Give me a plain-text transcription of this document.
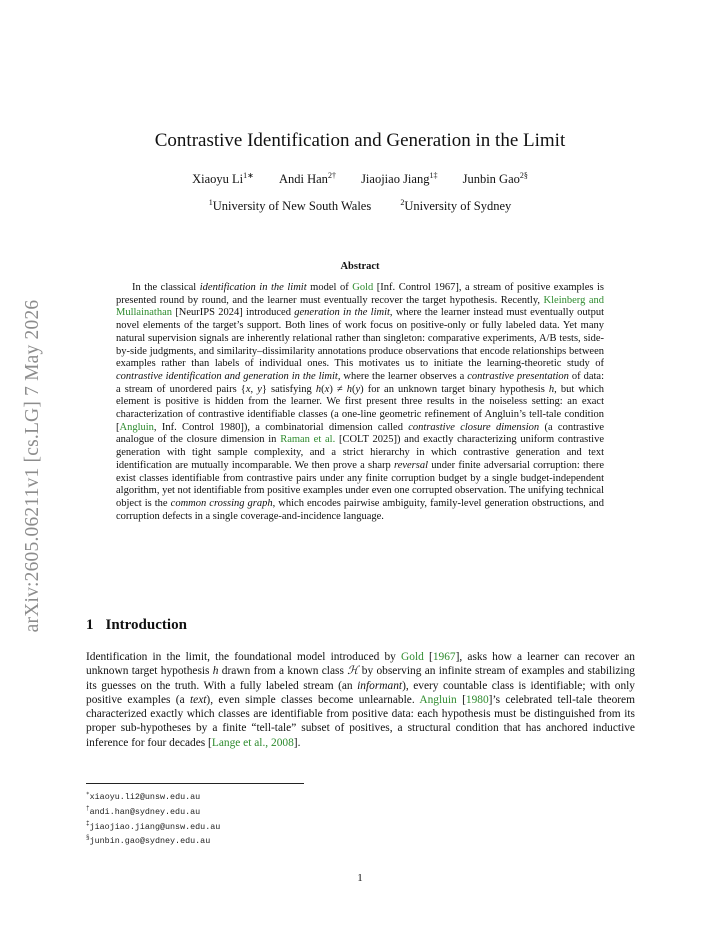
arXiv:2605.06211v1 [cs.LG] 7 May 2026
Contrastive Identification and Generation in the Limit
Xiaoyu $Li^{1∗}$ Andi Han$^{2\dagger}$ Jiaojiao Jiang$^{1\ddagger}$ Junbin Gao$^{2\S}$
$^1$University of New South Wales	$^2$University of Sydney
Abstract

In the classical identification in the limit model of Gold [Inf. Control 1967], a stream of positive examples is presented round by round, and the learner must eventually recover the target hypothesis. Recently, Kleinberg and Mullainathan [NeurIPS 2024] introduced generation in the limit, where the learner instead must eventually output novel elements of the target’s support. Both lines of work focus on positive-only or fully labeled data. Yet many natural supervision signals are inherently relational rather than singleton: comparative experiments, A/B tests, side-by-side judgments, and similarity–dissimilarity annotations produce observations that encode relationships between examples rather than labels of individual ones. This motivates us to initiate the learning-theoretic study of contrastive identification and generation in the limit, where the learner observes a contrastive presentation of data: a stream of unordered pairs {x, y} satisfying h(x) ≠ h(y) for an unknown target binary hypothesis h, but which element is positive is hidden from the learner. We first present three results in the noiseless setting: an exact characterization of contrastive identifiable classes (a one-line geometric refinement of Angluin’s tell-tale condition [Angluin, Inf. Control 1980]), a combinatorial dimension called contrastive closure dimension (a contrastive analogue of the closure dimension in Raman et al. [COLT 2025]) and exactly characterizing uniform contrastive generation with tight sample complexity, and a strict hierarchy in which contrastive generation and text identification are mutually incomparable. We then prove a sharp reversal under finite adversarial corruption: there exist classes identifiable from contrastive pairs under any finite corruption budget by a single budget-independent algorithm, yet not identifiable from positive examples under even one corrupted observation. The unifying technical object is the common crossing graph, which encodes pairwise ambiguity, family-level generation obstructions, and corruption defects in a single coverage-and-incidence language.

1 Introduction

Identification in the limit, the foundational model introduced by Gold [1967], asks how a learner can recover an unknown target hypothesis h drawn from a known class ℋ by observing an infinite stream of examples and stabilizing its guesses on the truth. With a fully labeled stream (an informant), every countable class is identifiable; with only positive examples (a text), even simple classes become unlearnable. Angluin [1980]’s celebrated tell-tale theorem characterized exactly which classes are identifiable from positive data: each hypothesis must be distinguished from its proper sub-hypotheses by a finite “tell-tale” subset of positives, a structural condition that has anchored inductive inference for four decades [Lange et al., 2008].

∗xiaoyu.li2@unsw.edu.au
†andi.han@sydney.edu.au
‡jiaojiao.jiang@unsw.edu.au
§junbin.gao@sydney.edu.au
1
